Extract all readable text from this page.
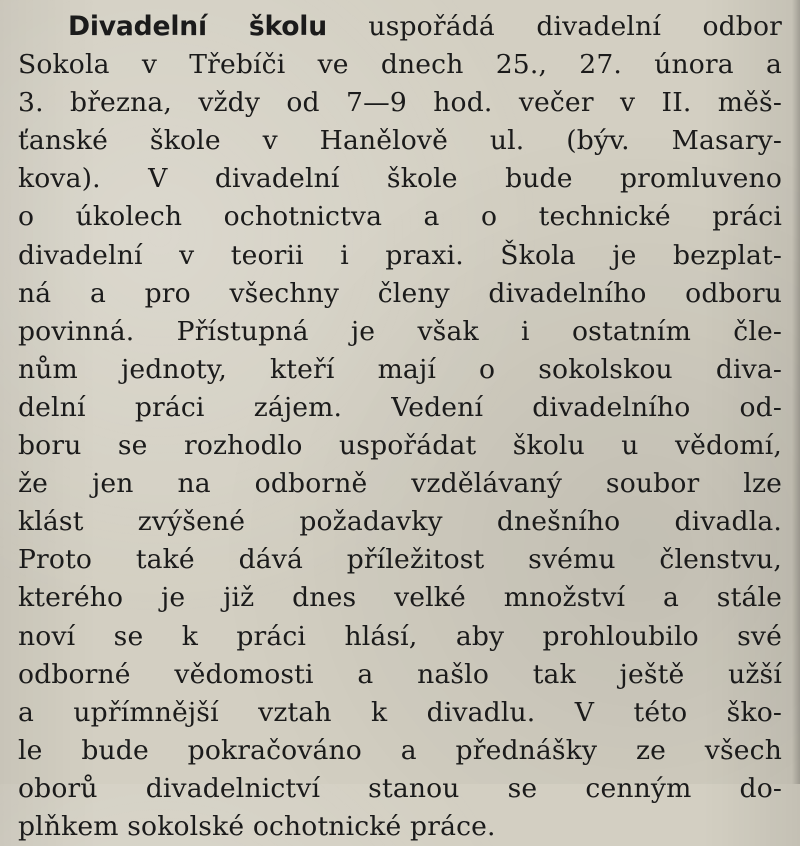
Divadelní školu uspořádá divadelní odbor
Sokola v Třebíči ve dnech 25., 27. února a
3. března, vždy od 7—9 hod. večer v II. měš-
ťanské škole v Hanělově ul. (býv. Masary-
kova). V divadelní škole bude promluveno
o úkolech ochotnictva a o technické práci
divadelní v teorii i praxi. Škola je bezplat-
ná a pro všechny členy divadelního odboru
povinná. Přístupná je však i ostatním čle-
nům jednoty, kteří mají o sokolskou diva-
delní práci zájem. Vedení divadelního od-
boru se rozhodlo uspořádat školu u vědomí,
že jen na odborně vzdělávaný soubor lze
klást zvýšené požadavky dnešního divadla.
Proto také dává příležitost svému členstvu,
kterého je již dnes velké množství a stále
noví se k práci hlásí, aby prohloubilo své
odborné vědomosti a našlo tak ještě užší
a upřímnější vztah k divadlu. V této ško-
le bude pokračováno a přednášky ze všech
oborů divadelnictví stanou se cenným do-
plňkem sokolské ochotnické práce.
